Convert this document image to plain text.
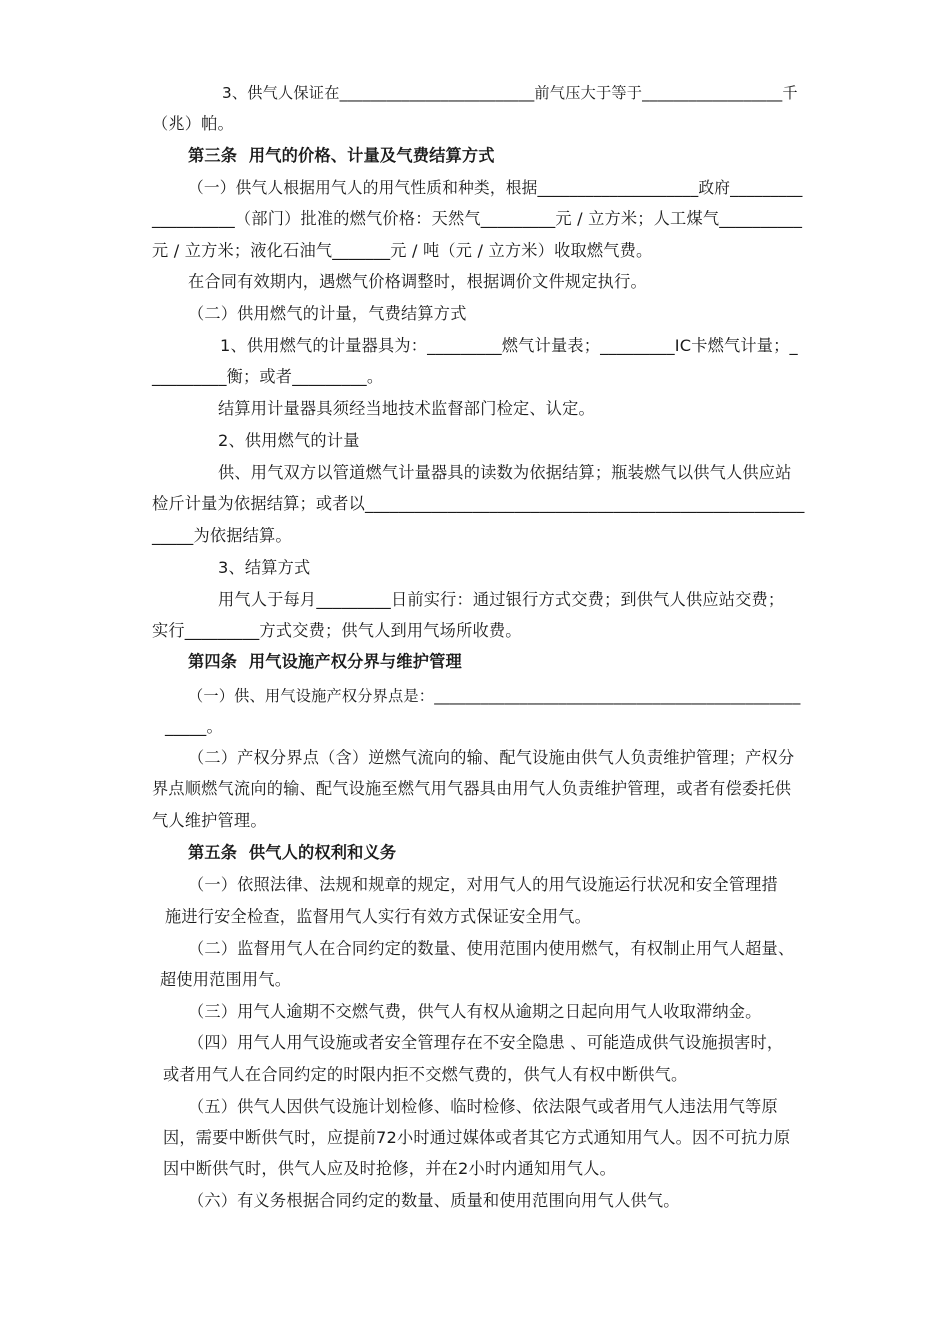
3、供气人保证在_________________________前气压大于等于__________________千
（兆）帕。
第三条  用气的价格、计量及气费结算方式
（一）供气人根据用气人的用气性质和种类，根据____________________政府_________
__________（部门）批准的燃气价格：天然气_________元 / 立方米；人工煤气__________
元 / 立方米；液化石油气_______元 / 吨（元 / 立方米）收取燃气费。
在合同有效期内，遇燃气价格调整时，根据调价文件规定执行。
（二）供用燃气的计量，气费结算方式
1、供用燃气的计量器具为：_________燃气计量表；_________IC卡燃气计量；_
_________衡；或者_________。
结算用计量器具须经当地技术监督部门检定、认定。
2、供用燃气的计量
供、用气双方以管道燃气计量器具的读数为依据结算；瓶装燃气以供气人供应站
检斤计量为依据结算；或者以_____________________________________________________
_____为依据结算。
3、结算方式
用气人于每月_________日前实行：通过银行方式交费；到供气人供应站交费；
实行_________方式交费；供气人到用气场所收费。
第四条  用气设施产权分界与维护管理
（一）供、用气设施产权分界点是：_______________________________________________
_____。
（二）产权分界点（含）逆燃气流向的输、配气设施由供气人负责维护管理；产权分
界点顺燃气流向的输、配气设施至燃气用气器具由用气人负责维护管理，或者有偿委托供
气人维护管理。
第五条  供气人的权利和义务
（一）依照法律、法规和规章的规定，对用气人的用气设施运行状况和安全管理措
施进行安全检查，监督用气人实行有效方式保证安全用气。
（二）监督用气人在合同约定的数量、使用范围内使用燃气，有权制止用气人超量、
超使用范围用气。
（三）用气人逾期不交燃气费，供气人有权从逾期之日起向用气人收取滞纳金。
（四）用气人用气设施或者安全管理存在不安全隐患 、可能造成供气设施损害时，
或者用气人在合同约定的时限内拒不交燃气费的，供气人有权中断供气。
（五）供气人因供气设施计划检修、临时检修、依法限气或者用气人违法用气等原
因，需要中断供气时，应提前72小时通过媒体或者其它方式通知用气人。因不可抗力原
因中断供气时，供气人应及时抢修，并在2小时内通知用气人。
（六）有义务根据合同约定的数量、质量和使用范围向用气人供气。
